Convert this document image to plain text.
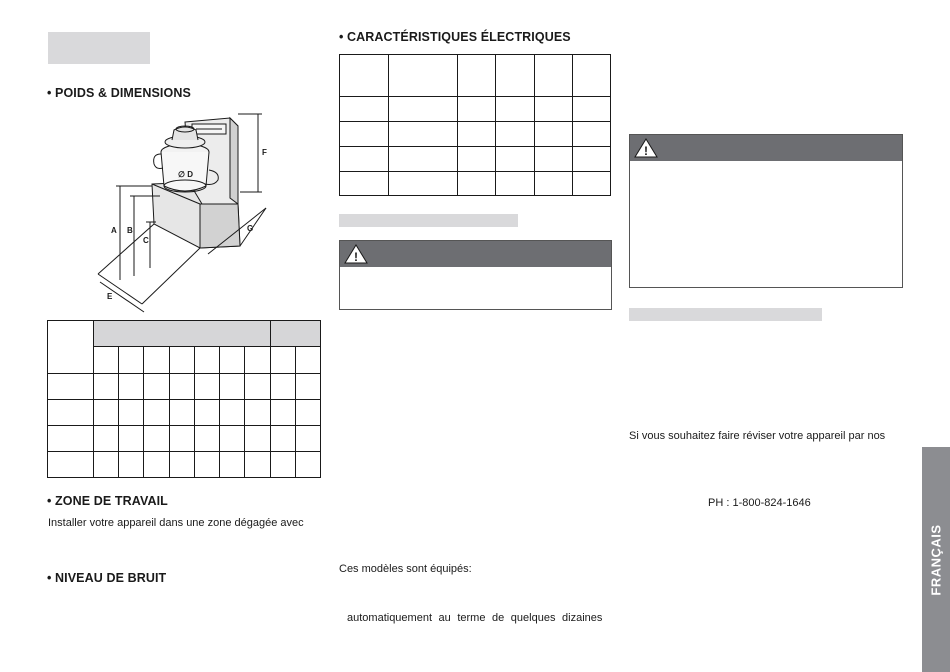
• POIDS & DIMENSIONS
A B
C
∅ D
E
F
G

• ZONE DE TRAVAIL
Installer votre appareil dans une zone dégagée avec
• NIVEAU DE BRUIT
• CARACTÉRISTIQUES ÉLECTRIQUES

!
Ces modèles sont équipés:
automatiquement au terme de quelques dizaines
!
Si vous souhaitez faire réviser votre appareil par nos
PH : 1-800-824-1646
FRANÇAIS
